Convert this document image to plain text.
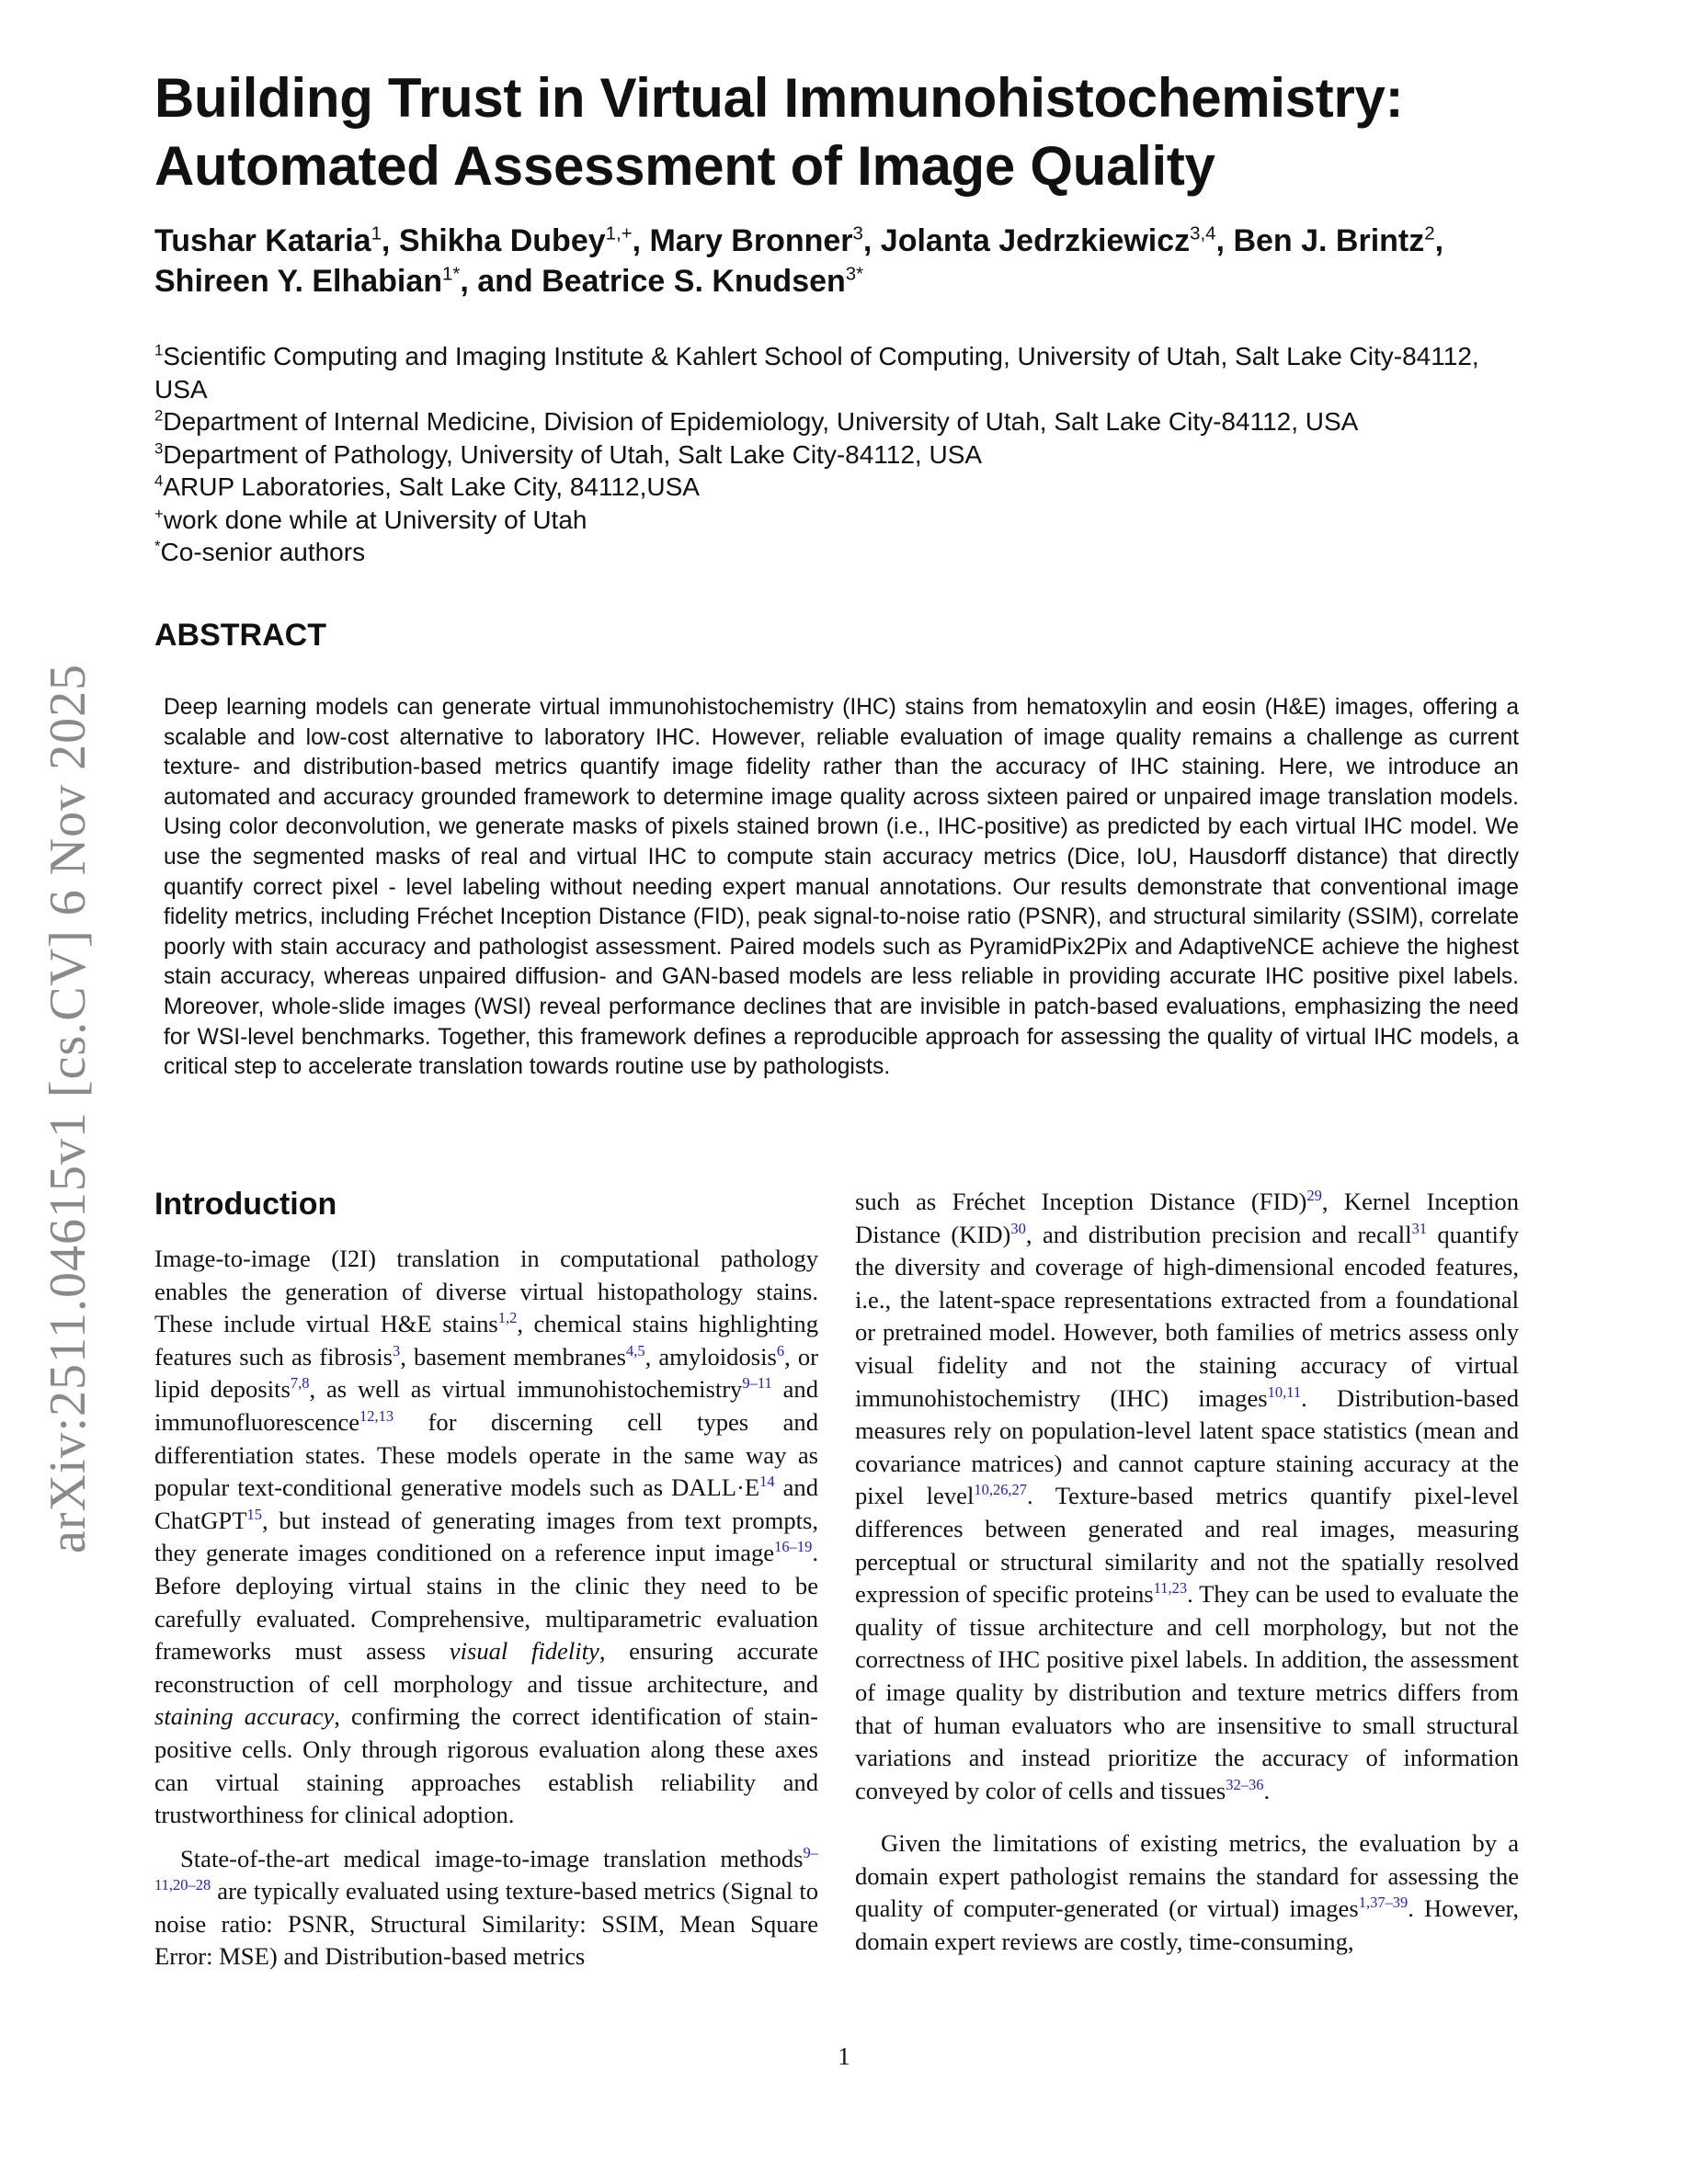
arXiv:2511.04615v1 [cs.CV] 6 Nov 2025
Building Trust in Virtual Immunohistochemistry:
Automated Assessment of Image Quality
Tushar Kataria$^1$, Shikha Dubey$^{1,+}$, Mary Bronner$^3$, Jolanta Jedrzkiewicz$^{3,4}$, Ben J. Brintz$^2$,
Shireen Y. Elhabian$^{1*}$, and Beatrice S. Knudsen$^{3*}$
$^1$Scientific Computing and Imaging Institute & Kahlert School of Computing, University of Utah, Salt Lake City-84112, USA
$^2$Department of Internal Medicine, Division of Epidemiology, University of Utah, Salt Lake City-84112, USA
$^3$Department of Pathology, University of Utah, Salt Lake City-84112, USA
$^4$ARUP Laboratories, Salt Lake City, 84112,USA
+work done while at University of Utah
*Co-senior authors
ABSTRACT
Deep learning models can generate virtual immunohistochemistry (IHC) stains from hematoxylin and eosin (H&E) images, offering a scalable and low-cost alternative to laboratory IHC. However, reliable evaluation of image quality remains a challenge as current texture- and distribution-based metrics quantify image fidelity rather than the accuracy of IHC staining. Here, we introduce an automated and accuracy grounded framework to determine image quality across sixteen paired or unpaired image translation models. Using color deconvolution, we generate masks of pixels stained brown (i.e., IHC-positive) as predicted by each virtual IHC model. We use the segmented masks of real and virtual IHC to compute stain accuracy metrics (Dice, IoU, Hausdorff distance) that directly quantify correct pixel - level labeling without needing expert manual annotations. Our results demonstrate that conventional image fidelity metrics, including Fréchet Inception Distance (FID), peak signal-to-noise ratio (PSNR), and structural similarity (SSIM), correlate poorly with stain accuracy and pathologist assessment. Paired models such as PyramidPix2Pix and AdaptiveNCE achieve the highest stain accuracy, whereas unpaired diffusion- and GAN-based models are less reliable in providing accurate IHC positive pixel labels. Moreover, whole-slide images (WSI) reveal performance declines that are invisible in patch-based evaluations, emphasizing the need for WSI-level benchmarks. Together, this framework defines a reproducible approach for assessing the quality of virtual IHC models, a critical step to accelerate translation towards routine use by pathologists.
Introduction

Image-to-image (I2I) translation in computational pathology enables the generation of diverse virtual histopathology stains. These include virtual H&E stains$^{1,2}$, chemical stains highlighting features such as fibrosis$^3$, basement membranes$^{4,5}$, amyloidosis$^6$, or lipid deposits$^{7,8}$, as well as virtual immunohistochemistry$^{9-11}$ and immunofluorescence$^{12,13}$ for discerning cell types and differentiation states. These models operate in the same way as popular text-conditional generative models such as DALL·E$^{14}$ and ChatGPT$^{15}$, but instead of generating images from text prompts, they generate images conditioned on a reference input image$^{16-19}$. Before deploying virtual stains in the clinic they need to be carefully evaluated. Comprehensive, multiparametric evaluation frameworks must assess visual fidelity, ensuring accurate reconstruction of cell morphology and tissue architecture, and staining accuracy, confirming the correct identification of stain-positive cells. Only through rigorous evaluation along these axes can virtual staining approaches establish reliability and trustworthiness for clinical adoption.

State-of-the-art medical image-to-image translation methods$^{9-11,20-28}$ are typically evaluated using texture-based metrics (Signal to noise ratio: PSNR, Structural Similarity: SSIM, Mean Square Error: MSE) and Distribution-based metrics

such as Fréchet Inception Distance (FID)$^{29}$, Kernel Inception Distance (KID)$^{30}$, and distribution precision and recall$^{31}$ quantify the diversity and coverage of high-dimensional encoded features, i.e., the latent-space representations extracted from a foundational or pretrained model. However, both families of metrics assess only visual fidelity and not the staining accuracy of virtual immunohistochemistry (IHC) images$^{10,11}$. Distribution-based measures rely on population-level latent space statistics (mean and covariance matrices) and cannot capture staining accuracy at the pixel level$^{10,26,27}$. Texture-based metrics quantify pixel-level differences between generated and real images, measuring perceptual or structural similarity and not the spatially resolved expression of specific proteins$^{11,23}$. They can be used to evaluate the quality of tissue architecture and cell morphology, but not the correctness of IHC positive pixel labels. In addition, the assessment of image quality by distribution and texture metrics differs from that of human evaluators who are insensitive to small structural variations and instead prioritize the accuracy of information conveyed by color of cells and tissues$^{32-36}$.

Given the limitations of existing metrics, the evaluation by a domain expert pathologist remains the standard for assessing the quality of computer-generated (or virtual) images$^{1,37-39}$. However, domain expert reviews are costly, time-consuming,

1
